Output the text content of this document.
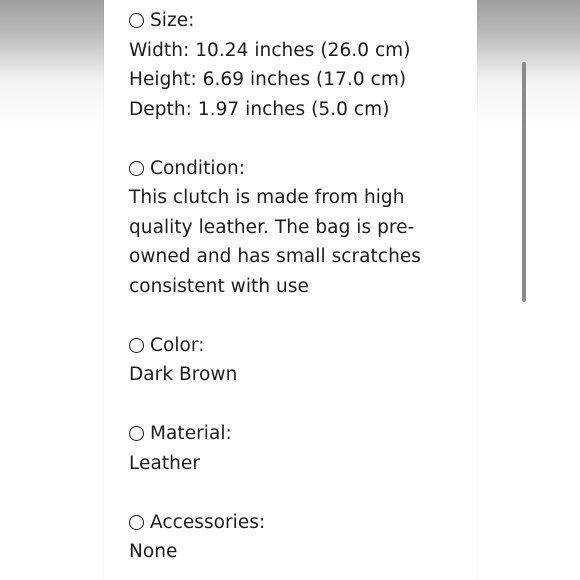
Size:
Width: 10.24 inches (26.0 cm)
Height: 6.69 inches (17.0 cm)
Depth: 1.97 inches (5.0 cm)
Condition:
This clutch is made from high
quality leather. The bag is pre-
owned and has small scratches
consistent with use
Color:
Dark Brown
Material:
Leather
Accessories:
None
